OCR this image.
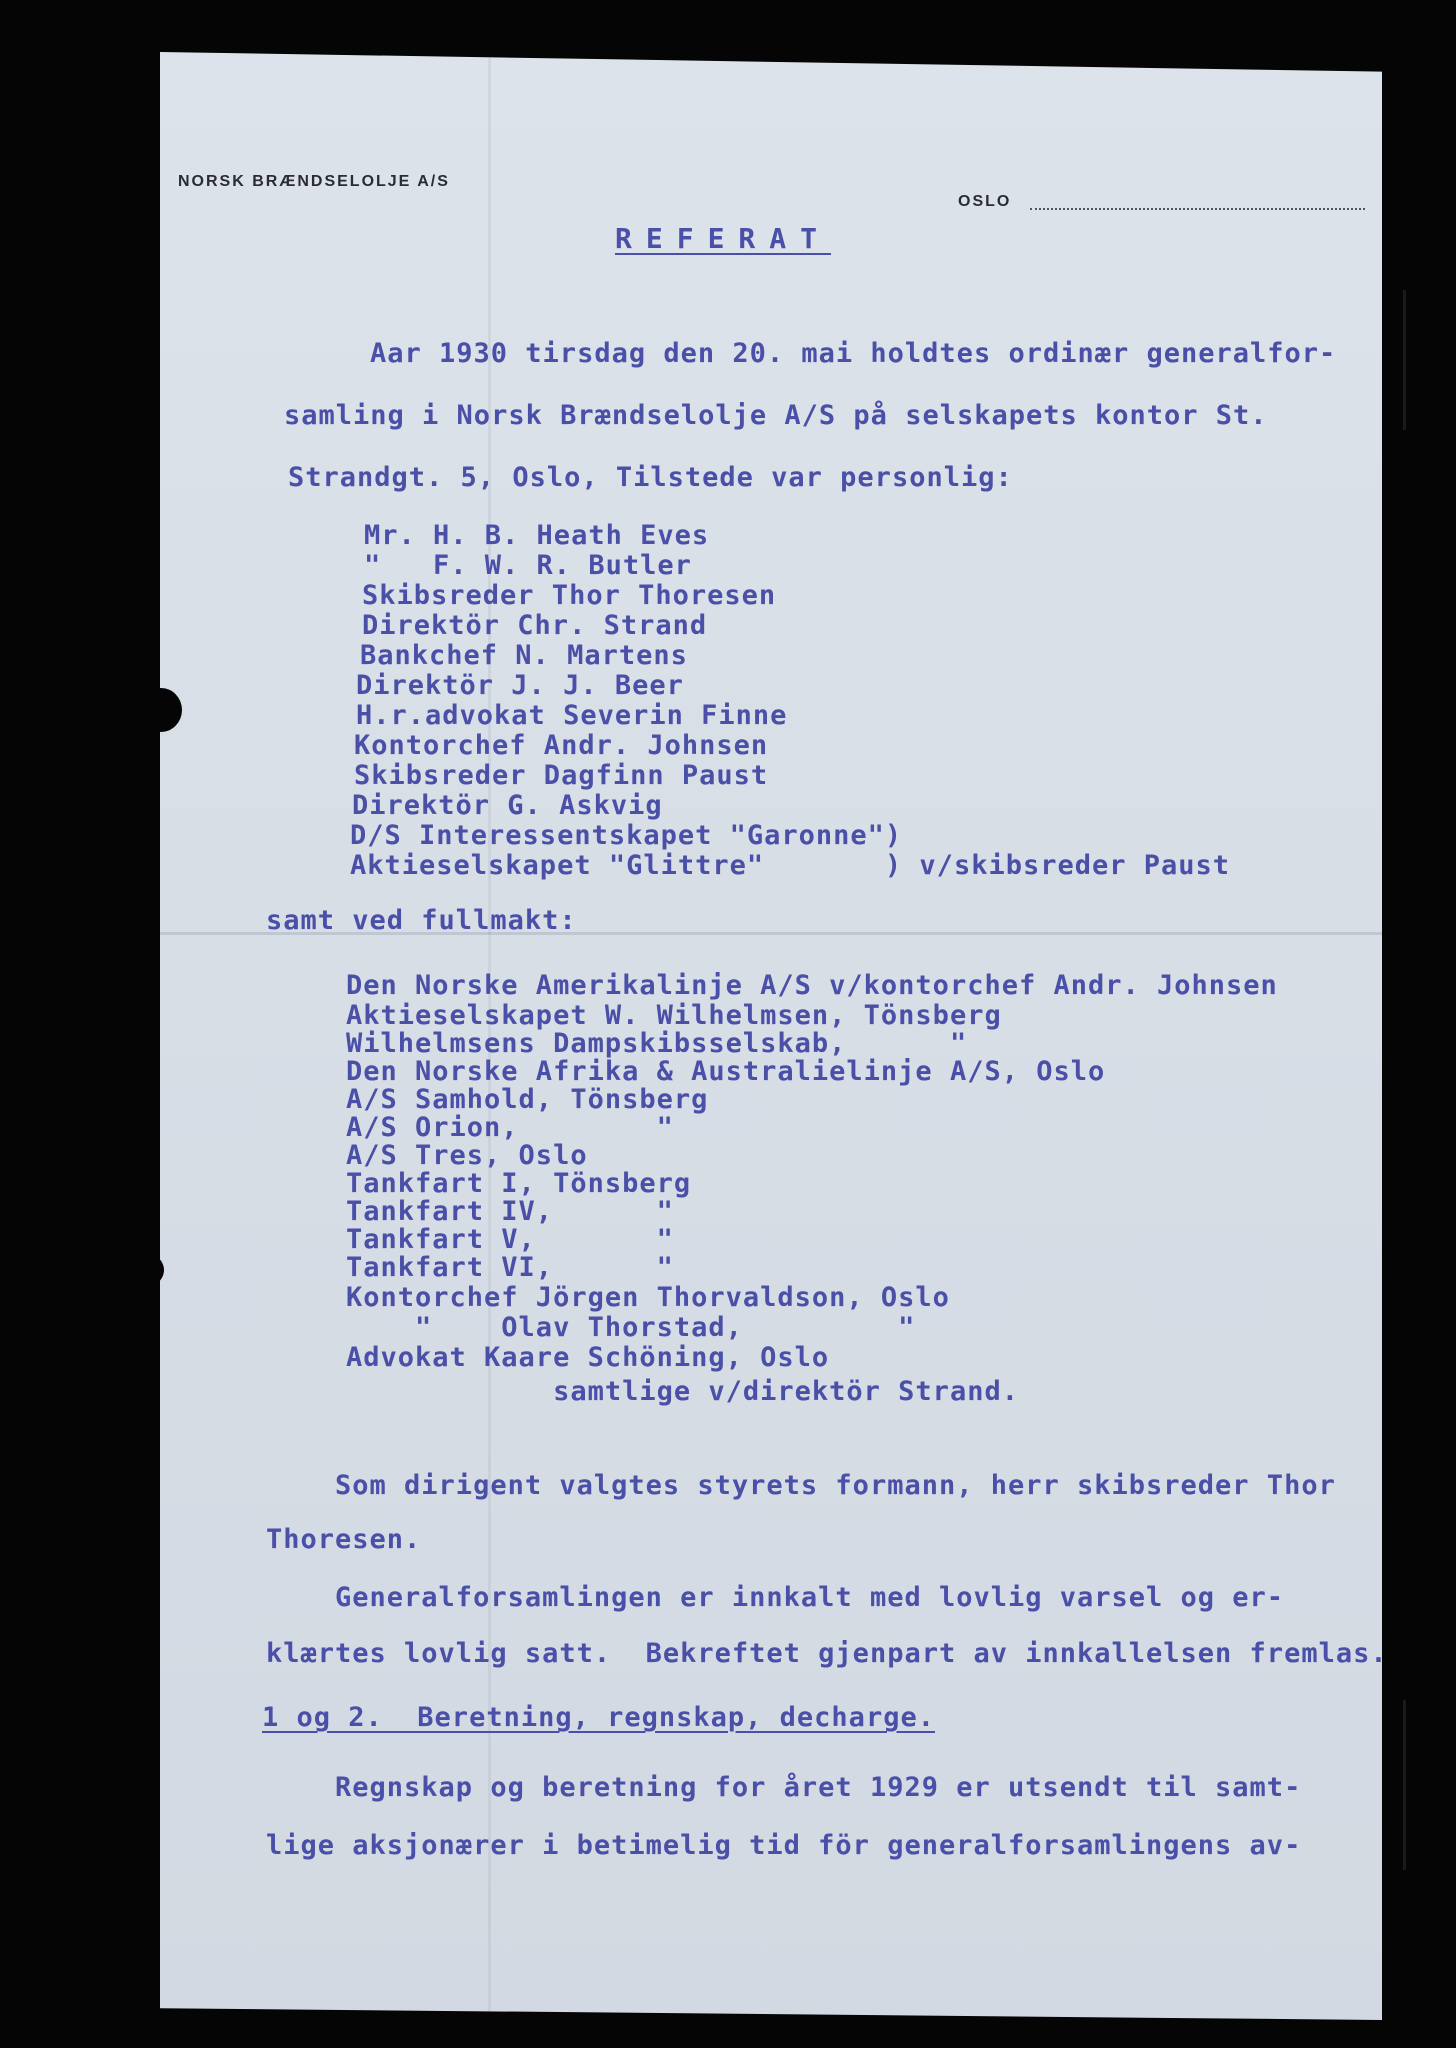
NORSK BRÆNDSELOLJE A/S
OSLO
REFERAT
Aar 1930 tirsdag den 20. mai holdtes ordinær generalfor-
samling i Norsk Brændselolje A/S på selskapets kontor St.
Strandgt. 5, Oslo, Tilstede var personlig:
Mr. H. B. Heath Eves
"   F. W. R. Butler
Skibsreder Thor Thoresen
Direktör Chr. Strand
Bankchef N. Martens
Direktör J. J. Beer
H.r.advokat Severin Finne
Kontorchef Andr. Johnsen
Skibsreder Dagfinn Paust
Direktör G. Askvig
D/S Interessentskapet "Garonne")
Aktieselskapet "Glittre"       ) v/skibsreder Paust
samt ved fullmakt:
Den Norske Amerikalinje A/S v/kontorchef Andr. Johnsen
Aktieselskapet W. Wilhelmsen, Tönsberg
Wilhelmsens Dampskibsselskab,      "
Den Norske Afrika & Australielinje A/S, Oslo
A/S Samhold, Tönsberg
A/S Orion,        "
A/S Tres, Oslo
Tankfart I, Tönsberg
Tankfart IV,      "
Tankfart V,       "
Tankfart VI,      "
Kontorchef Jörgen Thorvaldson, Oslo
"    Olav Thorstad,         "
Advokat Kaare Schöning, Oslo
samtlige v/direktör Strand.
Som dirigent valgtes styrets formann, herr skibsreder Thor
Thoresen.
Generalforsamlingen er innkalt med lovlig varsel og er-
klærtes lovlig satt.  Bekreftet gjenpart av innkallelsen fremlas.
1 og 2.  Beretning, regnskap, decharge.
Regnskap og beretning for året 1929 er utsendt til samt-
lige aksjonærer i betimelig tid för generalforsamlingens av-
